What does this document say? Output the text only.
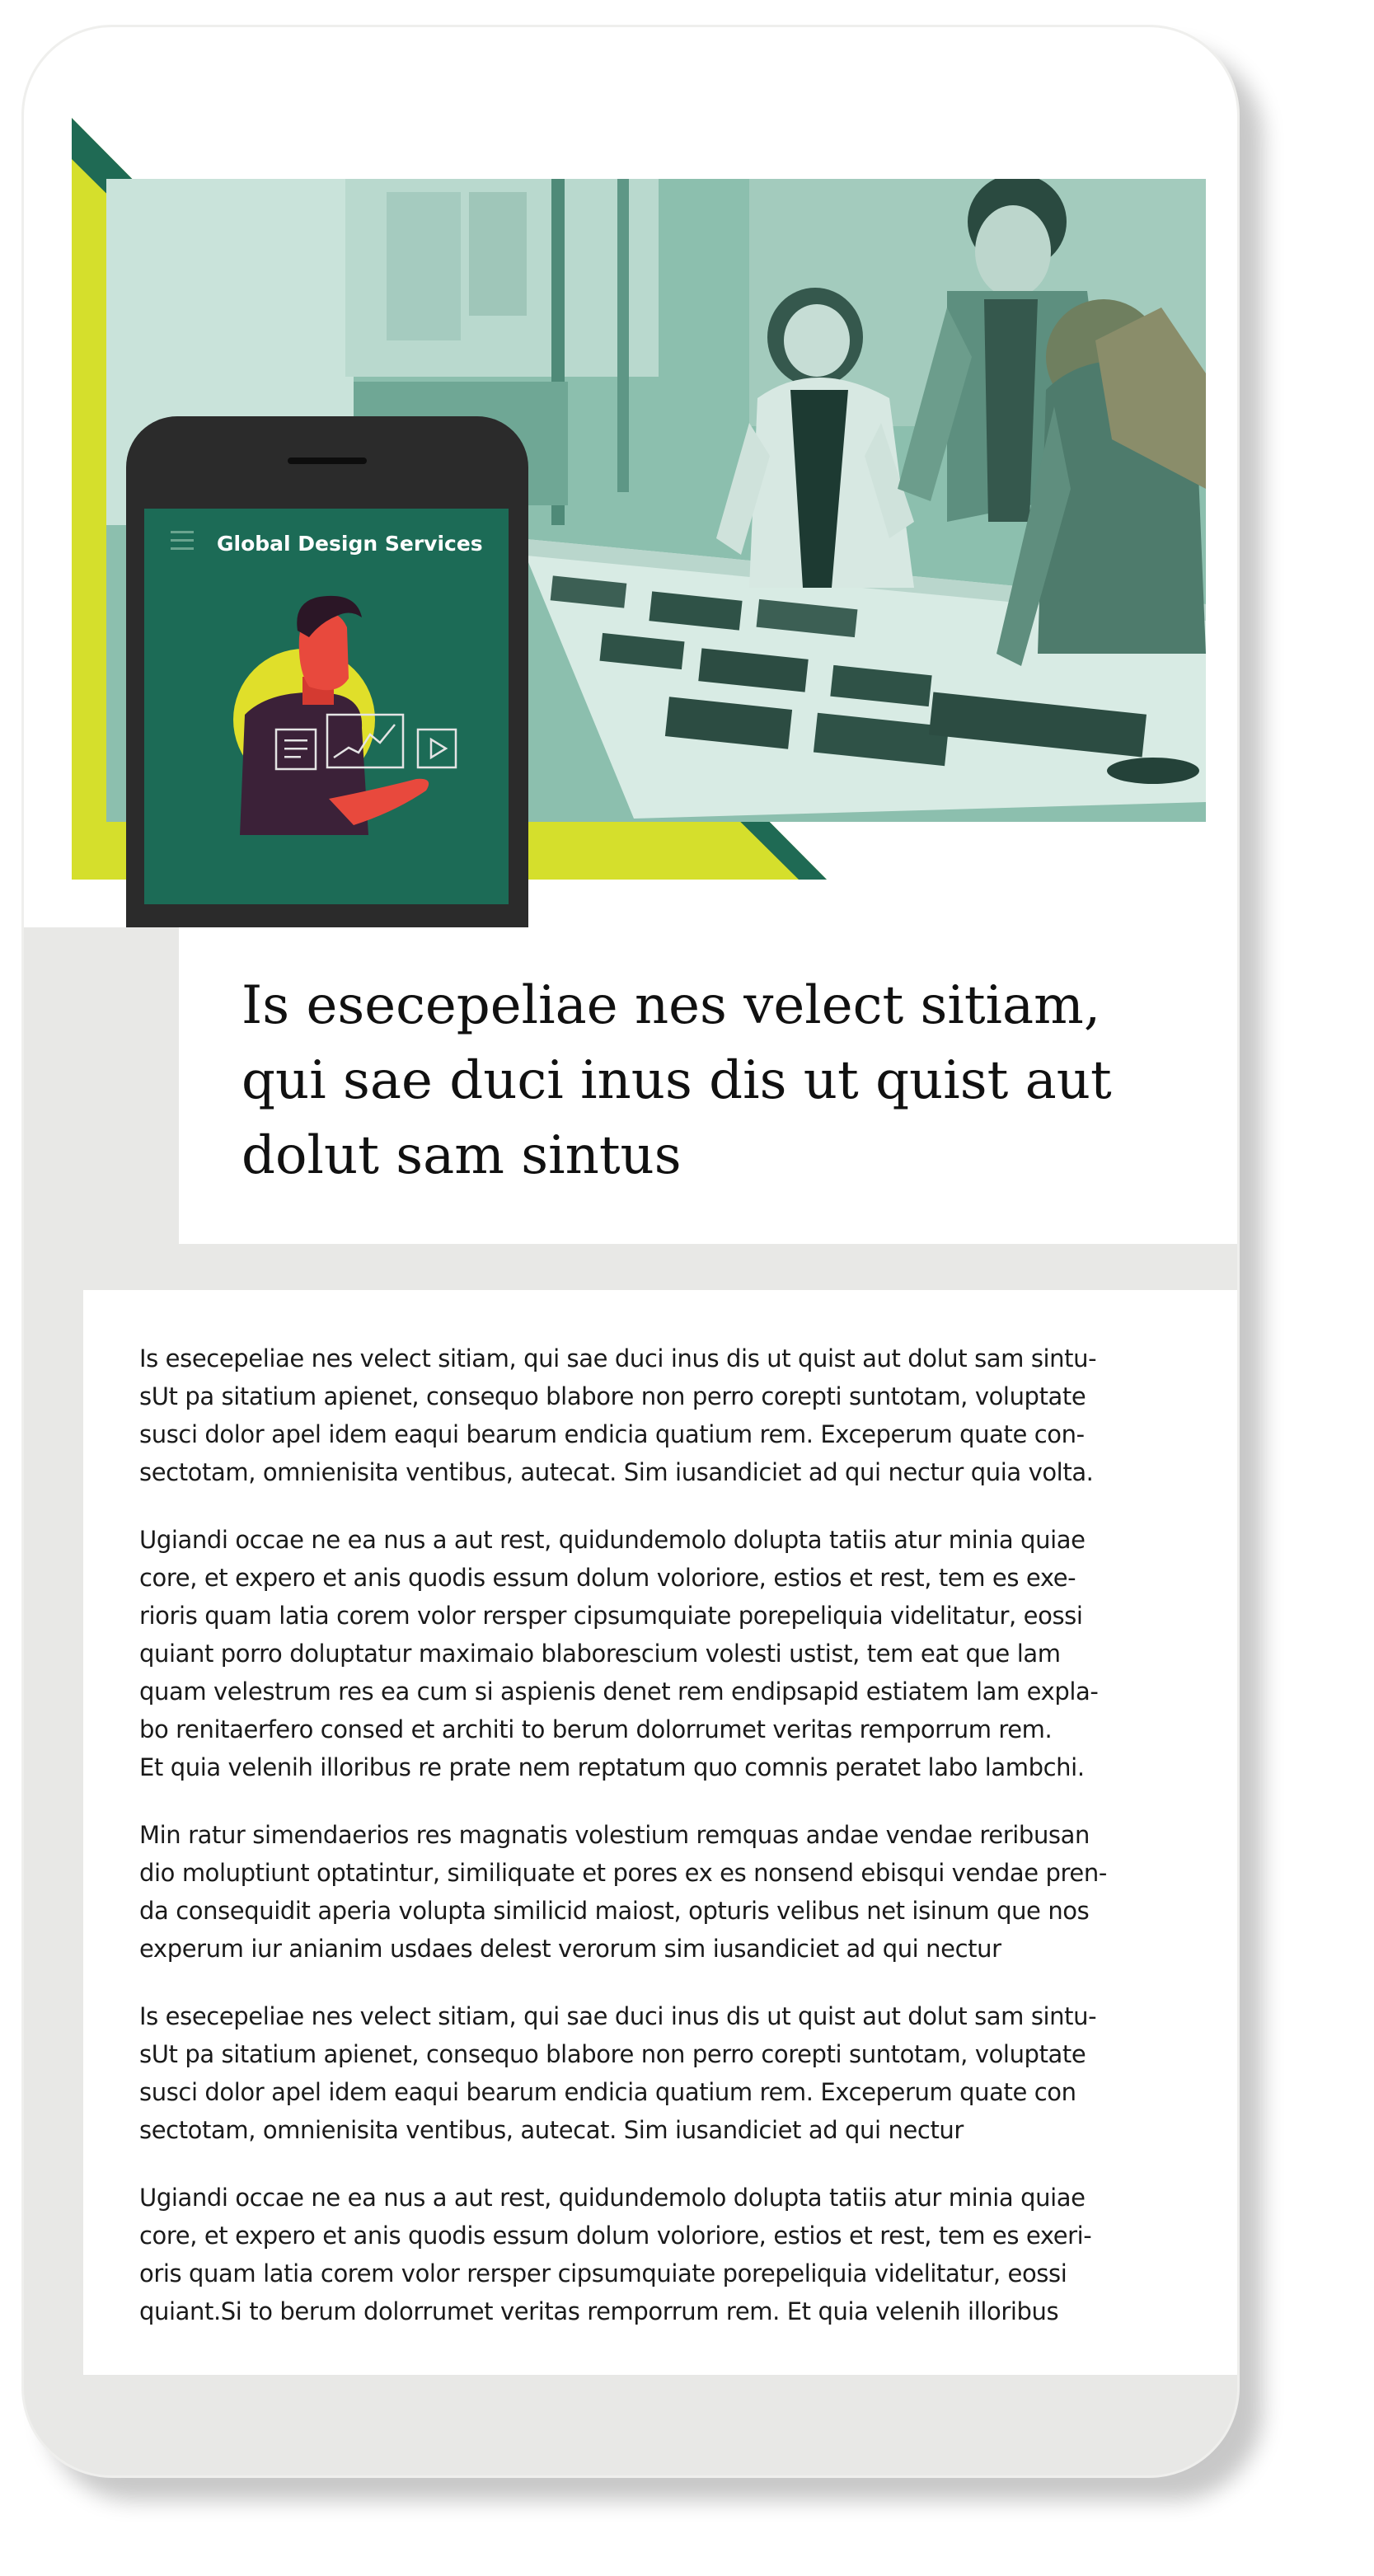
Global Design Services
Is esecepeliae nes velect sitiam,
qui sae duci inus dis ut quist aut
dolut sam sintus

Is esecepeliae nes velect sitiam, qui sae duci inus dis ut quist aut dolut sam sintu-
sUt pa sitatium apienet, consequo blabore non perro corepti suntotam, voluptate
susci dolor apel idem eaqui bearum endicia quatium rem. Exceperum quate con-
sectotam, omnienisita ventibus, autecat. Sim iusandiciet ad qui nectur quia volta.

Ugiandi occae ne ea nus a aut rest, quidundemolo dolupta tatiis atur minia quiae
core, et expero et anis quodis essum dolum voloriore, estios et rest, tem es exe-
rioris quam latia corem volor rersper cipsumquiate porepeliquia videlitatur, eossi
quiant porro doluptatur maximaio blaborescium volesti ustist, tem eat que lam
quam velestrum res ea cum si aspienis denet rem endipsapid estiatem lam expla-
bo renitaerfero consed et architi to berum dolorrumet veritas remporrum rem.
Et quia velenih illoribus re prate nem reptatum quo comnis peratet labo lambchi.

Min ratur simendaerios res magnatis volestium remquas andae vendae reribusan
dio moluptiunt optatintur, similiquate et pores ex es nonsend ebisqui vendae pren-
da consequidit aperia volupta similicid maiost, opturis velibus net isinum que nos
experum iur anianim usdaes delest verorum sim iusandiciet ad qui nectur

Is esecepeliae nes velect sitiam, qui sae duci inus dis ut quist aut dolut sam sintu-
sUt pa sitatium apienet, consequo blabore non perro corepti suntotam, voluptate
susci dolor apel idem eaqui bearum endicia quatium rem. Exceperum quate con
sectotam, omnienisita ventibus, autecat. Sim iusandiciet ad qui nectur

Ugiandi occae ne ea nus a aut rest, quidundemolo dolupta tatiis atur minia quiae
core, et expero et anis quodis essum dolum voloriore, estios et rest, tem es exeri-
oris quam latia corem volor rersper cipsumquiate porepeliquia videlitatur, eossi
quiant.Si to berum dolorrumet veritas remporrum rem. Et quia velenih illoribus
